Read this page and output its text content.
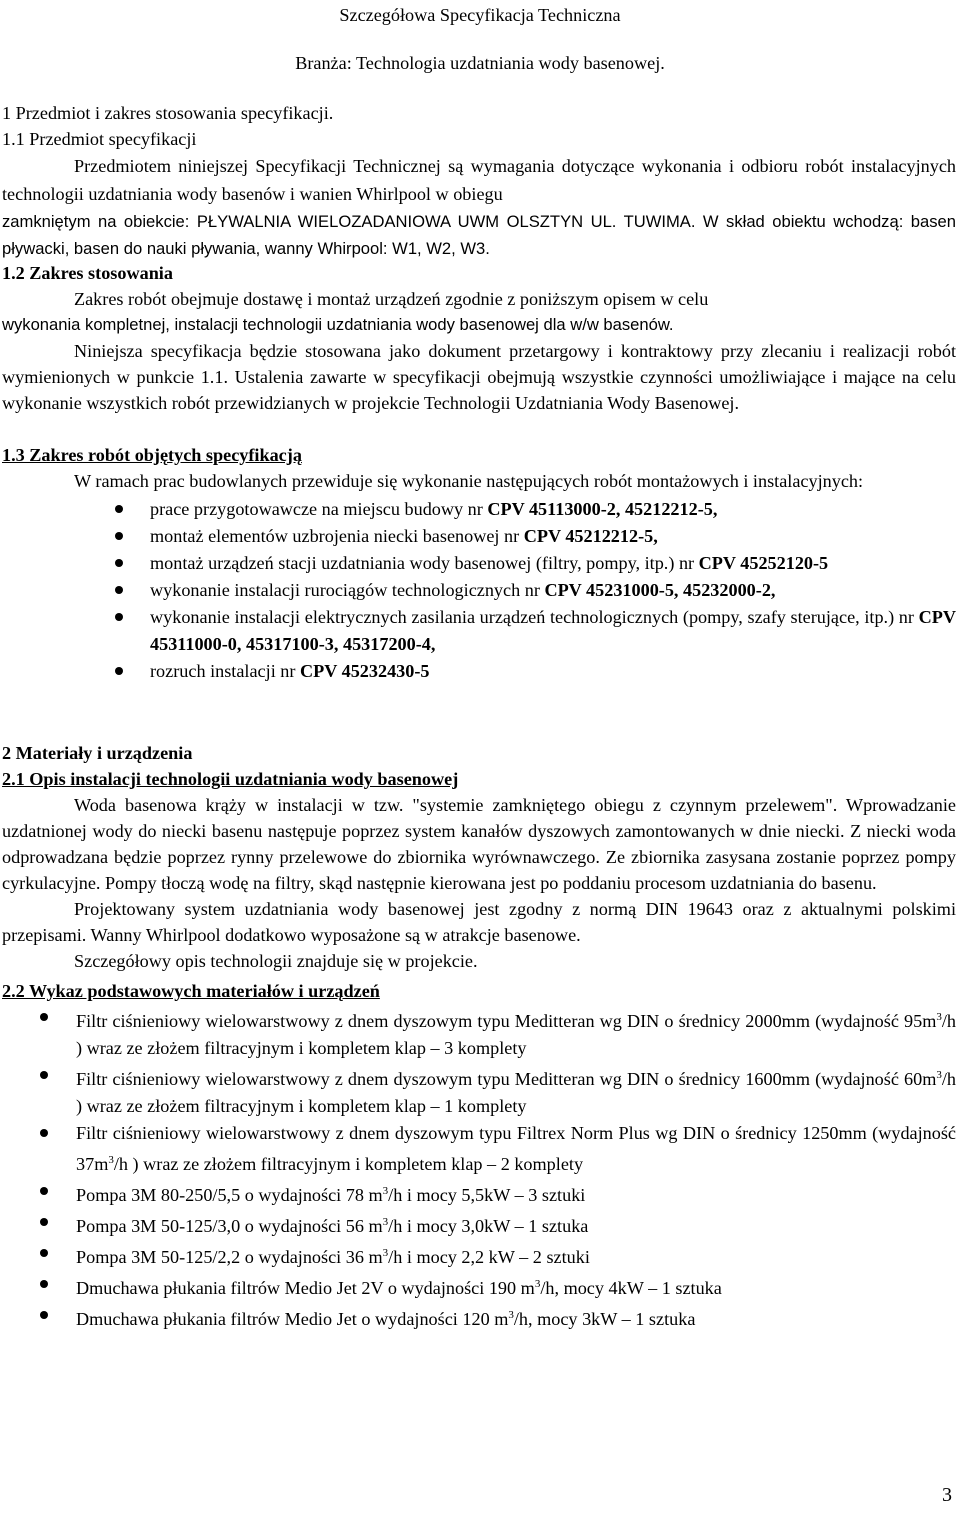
Szczegółowa Specyfikacja Techniczna
Branża: Technologia uzdatniania wody basenowej.

1 Przedmiot i zakres stosowania specyfikacji.

1.1 Przedmiot specyfikacji

Przedmiotem niniejszej Specyfikacji Technicznej są wymagania dotyczące wykonania i odbioru robót instalacyjnych technologii uzdatniania wody basenów i wanien Whirlpool w obiegu

zamkniętym na obiekcie: PŁYWALNIA WIELOZADANIOWA UWM OLSZTYN UL. TUWIMA. W skład obiektu wchodzą: basen pływacki, basen do nauki pływania, wanny Whirpool: W1, W2, W3.

1.2 Zakres stosowania

Zakres robót obejmuje dostawę i montaż urządzeń zgodnie z poniższym opisem w celu

wykonania kompletnej, instalacji technologii uzdatniania wody basenowej dla w/w basenów.

Niniejsza specyfikacja będzie stosowana jako dokument przetargowy i kontraktowy przy zlecaniu i realizacji robót wymienionych w punkcie 1.1. Ustalenia zawarte w specyfikacji obejmują wszystkie czynności umożliwiające i mające na celu wykonanie wszystkich robót przewidzianych w projekcie Technologii Uzdatniania Wody Basenowej.

1.3 Zakres robót objętych specyfikacją

W ramach prac budowlanych przewiduje się wykonanie następujących robót montażowych i instalacyjnych:

prace przygotowawcze na miejscu budowy nr CPV 45113000-2, 45212212-5,
montaż elementów uzbrojenia niecki basenowej nr CPV 45212212-5,
montaż urządzeń stacji uzdatniania wody basenowej (filtry, pompy, itp.) nr CPV 45252120-5
wykonanie instalacji rurociągów technologicznych nr CPV 45231000-5, 45232000-2,
wykonanie instalacji elektrycznych zasilania urządzeń technologicznych (pompy, szafy sterujące, itp.) nr CPV 45311000-0, 45317100-3, 45317200-4,
rozruch instalacji nr CPV 45232430-5

2 Materiały i urządzenia

2.1 Opis instalacji technologii uzdatniania wody basenowej

Woda basenowa krąży w instalacji w tzw. "systemie zamkniętego obiegu z czynnym przelewem". Wprowadzanie uzdatnionej wody do niecki basenu następuje poprzez system kanałów dyszowych zamontowanych w dnie niecki. Z niecki woda odprowadzana będzie poprzez rynny przelewowe do zbiornika wyrównawczego. Ze zbiornika zasysana zostanie poprzez pompy cyrkulacyjne. Pompy tłoczą wodę na filtry, skąd następnie kierowana jest po poddaniu procesom uzdatniania do basenu.

Projektowany system uzdatniania wody basenowej jest zgodny z normą DIN 19643 oraz z aktualnymi polskimi przepisami. Wanny Whirlpool dodatkowo wyposażone są w atrakcje basenowe.

Szczegółowy opis technologii znajduje się w projekcie.

2.2 Wykaz podstawowych materiałów i urządzeń

Filtr ciśnieniowy wielowarstwowy z dnem dyszowym typu Meditteran wg DIN o średnicy 2000mm (wydajność $95m^3/h$ ) wraz ze złożem filtracyjnym i kompletem klap – 3 komplety
Filtr ciśnieniowy wielowarstwowy z dnem dyszowym typu Meditteran wg DIN o średnicy 1600mm (wydajność $60m^3/h$ ) wraz ze złożem filtracyjnym i kompletem klap – 1 komplety
Filtr ciśnieniowy wielowarstwowy z dnem dyszowym typu Filtrex Norm Plus wg DIN o średnicy 1250mm (wydajność $37m^3/h$ ) wraz ze złożem filtracyjnym i kompletem klap – 2 komplety
Pompa 3M 80-250/5,5 o wydajności 78 $m^3/h$ i mocy 5,5kW – 3 sztuki
Pompa 3M 50-125/3,0 o wydajności 56 $m^3/h$ i mocy 3,0kW – 1 sztuka
Pompa 3M 50-125/2,2 o wydajności 36 $m^3/h$ i mocy 2,2 kW – 2 sztuki
Dmuchawa płukania filtrów Medio Jet 2V o wydajności 190 $m^3/h$, mocy 4kW – 1 sztuka
Dmuchawa płukania filtrów Medio Jet o wydajności 120 $m^3/h$, mocy 3kW – 1 sztuka
3
